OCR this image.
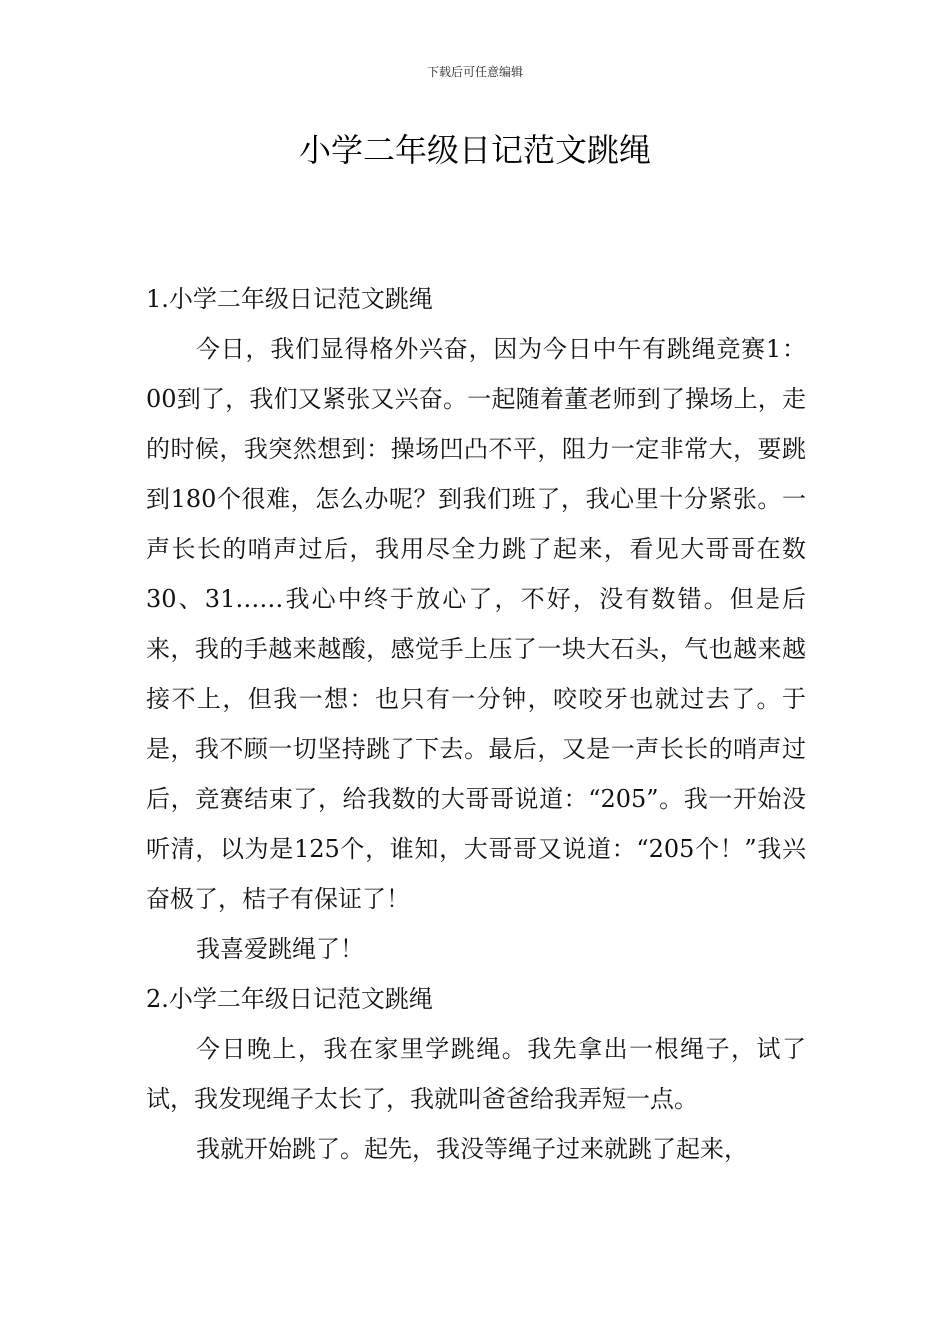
下载后可任意编辑
小学二年级日记范文跳绳

1.小学二年级日记范文跳绳

今日，我们显得格外兴奋，因为今日中午有跳绳竞赛1：00到了，我们又紧张又兴奋。一起随着董老师到了操场上，走的时候，我突然想到：操场凹凸不平，阻力一定非常大，要跳到180个很难，怎么办呢？到我们班了，我心里十分紧张。一声长长的哨声过后，我用尽全力跳了起来，看见大哥哥在数30、31……我心中终于放心了，不好，没有数错。但是后来，我的手越来越酸，感觉手上压了一块大石头，气也越来越接不上，但我一想：也只有一分钟，咬咬牙也就过去了。于是，我不顾一切坚持跳了下去。最后，又是一声长长的哨声过后，竞赛结束了，给我数的大哥哥说道：“205”。我一开始没听清，以为是125个，谁知，大哥哥又说道：“205个！”我兴奋极了，桔子有保证了！

我喜爱跳绳了！

2.小学二年级日记范文跳绳

今日晚上，我在家里学跳绳。我先拿出一根绳子，试了试，我发现绳子太长了，我就叫爸爸给我弄短一点。

我就开始跳了。起先，我没等绳子过来就跳了起来，
